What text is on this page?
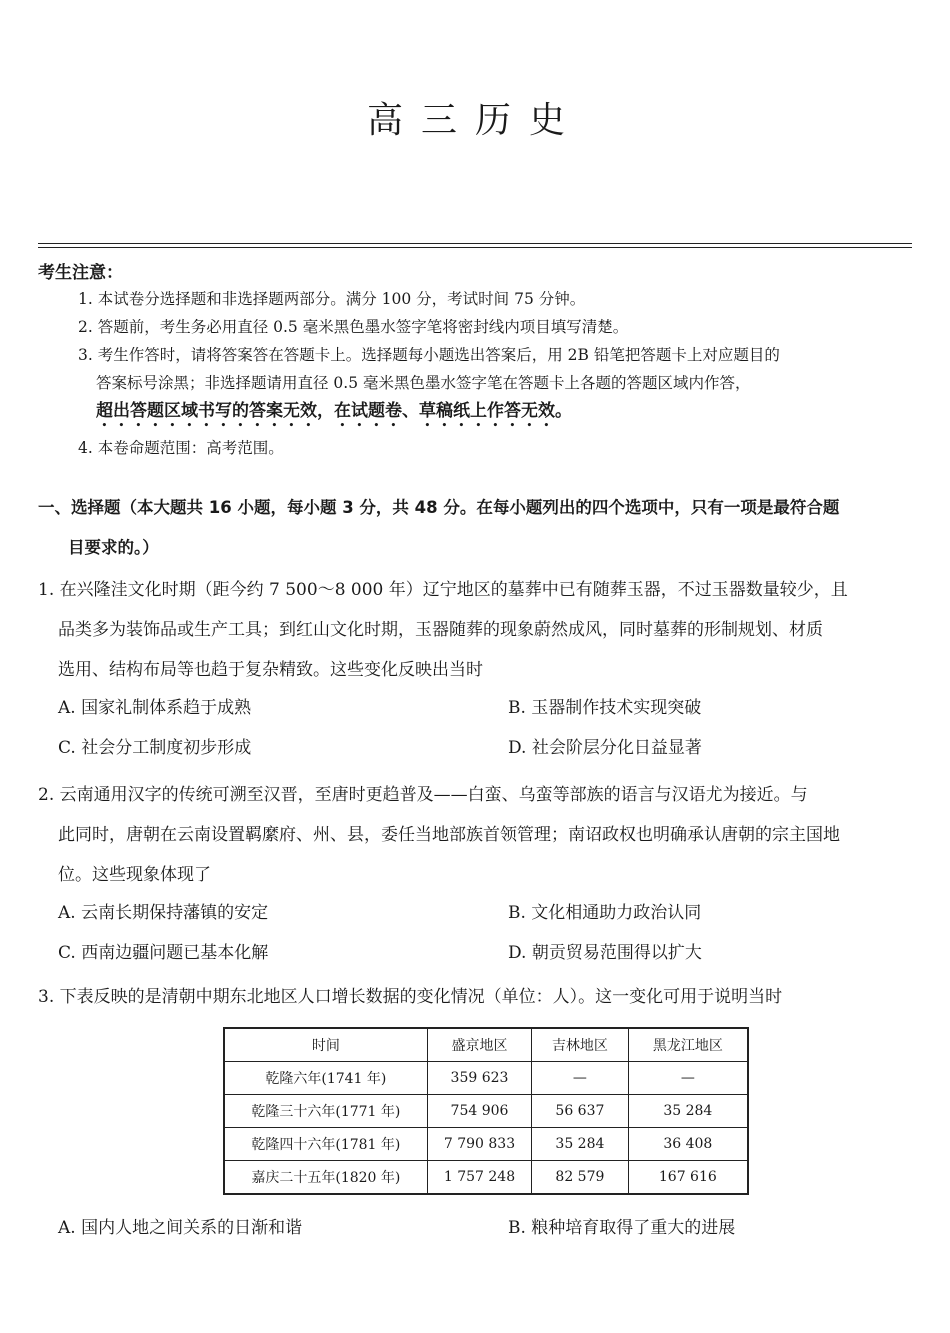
高三历史
考生注意：
1. 本试卷分选择题和非选择题两部分。满分 100 分，考试时间 75 分钟。
2. 答题前，考生务必用直径 0.5 毫米黑色墨水签字笔将密封线内项目填写清楚。
3. 考生作答时，请将答案答在答题卡上。选择题每小题选出答案后，用 2B 铅笔把答题卡上对应题目的
答案标号涂黑；非选择题请用直径 0.5 毫米黑色墨水签字笔在答题卡上各题的答题区域内作答，
超出答题区域书写的答案无效，在试题卷、草稿纸上作答无效。
4. 本卷命题范围：高考范围。
一、选择题（本大题共 16 小题，每小题 3 分，共 48 分。在每小题列出的四个选项中，只有一项是最符合题
目要求的。）
1. 在兴隆洼文化时期（距今约 7 500～8 000 年）辽宁地区的墓葬中已有随葬玉器，不过玉器数量较少，且
品类多为装饰品或生产工具；到红山文化时期，玉器随葬的现象蔚然成风，同时墓葬的形制规划、材质
选用、结构布局等也趋于复杂精致。这些变化反映出当时
A. 国家礼制体系趋于成熟	B. 玉器制作技术实现突破
C. 社会分工制度初步形成	D. 社会阶层分化日益显著
2. 云南通用汉字的传统可溯至汉晋，至唐时更趋普及——白蛮、乌蛮等部族的语言与汉语尤为接近。与
此同时，唐朝在云南设置羁縻府、州、县，委任当地部族首领管理；南诏政权也明确承认唐朝的宗主国地
位。这些现象体现了
A. 云南长期保持藩镇的安定	B. 文化相通助力政治认同
C. 西南边疆问题已基本化解	D. 朝贡贸易范围得以扩大
3. 下表反映的是清朝中期东北地区人口增长数据的变化情况（单位：人）。这一变化可用于说明当时
时间	盛京地区	吉林地区	黑龙江地区
乾隆六年(1741 年)	359 623	—	—
乾隆三十六年(1771 年)	754 906	56 637	35 284
乾隆四十六年(1781 年)	7 790 833	35 284	36 408
嘉庆二十五年(1820 年)	1 757 248	82 579	167 616
A. 国内人地之间关系的日渐和谐	B. 粮种培育取得了重大的进展
